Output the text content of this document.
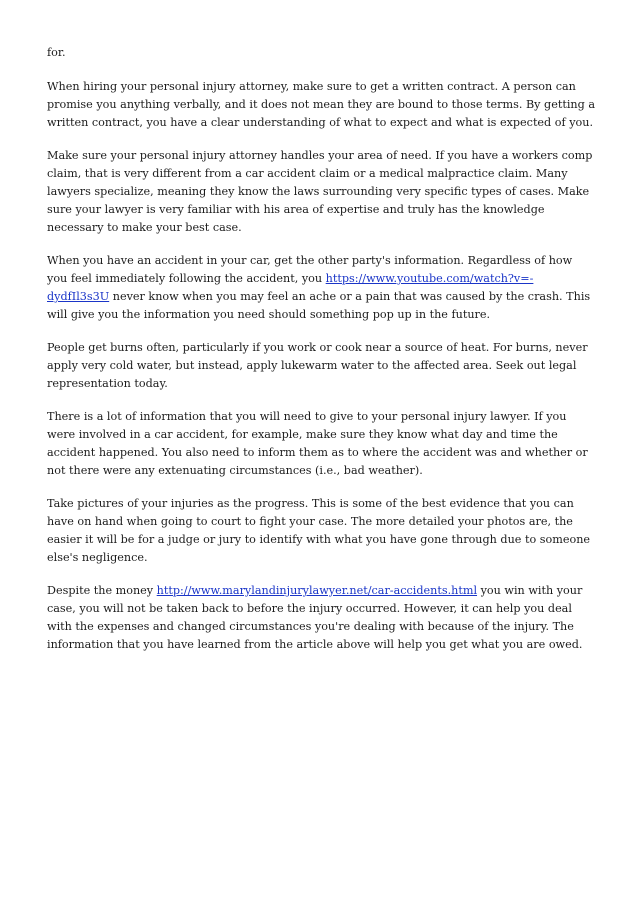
for.

When hiring your personal injury attorney, make sure to get a written contract. A person can promise you anything verbally, and it does not mean they are bound to those terms. By getting a written contract, you have a clear understanding of what to expect and what is expected of you.

Make sure your personal injury attorney handles your area of need. If you have a workers comp claim, that is very different from a car accident claim or a medical malpractice claim. Many lawyers specialize, meaning they know the laws surrounding very specific types of cases. Make sure your lawyer is very familiar with his area of expertise and truly has the knowledge necessary to make your best case.

When you have an accident in your car, get the other party's information. Regardless of how you feel immediately following the accident, you https://www.youtube.com/watch?v=-dydfIl3s3U never know when you may feel an ache or a pain that was caused by the crash. This will give you the information you need should something pop up in the future.

People get burns often, particularly if you work or cook near a source of heat. For burns, never apply very cold water, but instead, apply lukewarm water to the affected area. Seek out legal representation today.

There is a lot of information that you will need to give to your personal injury lawyer. If you were involved in a car accident, for example, make sure they know what day and time the accident happened. You also need to inform them as to where the accident was and whether or not there were any extenuating circumstances (i.e., bad weather).

Take pictures of your injuries as the progress. This is some of the best evidence that you can have on hand when going to court to fight your case. The more detailed your photos are, the easier it will be for a judge or jury to identify with what you have gone through due to someone else's negligence.

Despite the money http://www.marylandinjurylawyer.net/car-accidents.html you win with your case, you will not be taken back to before the injury occurred. However, it can help you deal with the expenses and changed circumstances you're dealing with because of the injury. The information that you have learned from the article above will help you get what you are owed.
